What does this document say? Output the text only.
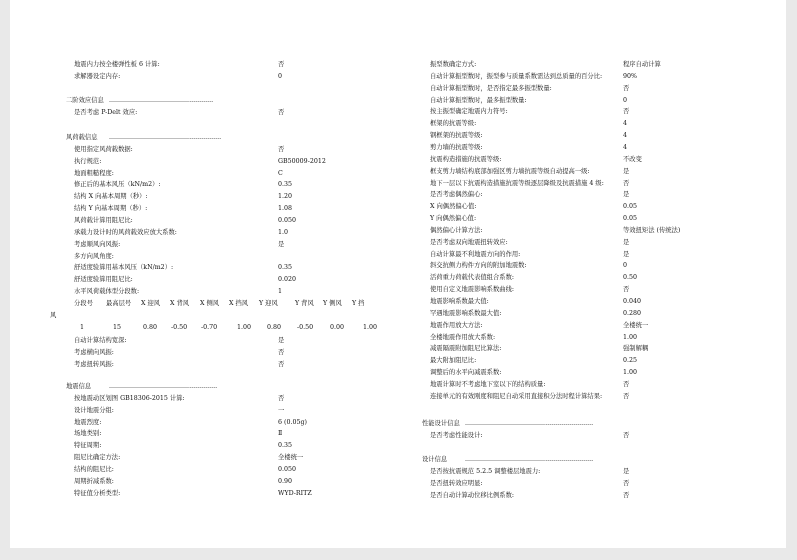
地震内力按全楼弹性板 6 计算:	否
求解器设定内存:	0
二阶效应信息 ....................................................
是否考虑 P-Delt 效应:	否
风荷载信息 ........................................................
使用指定风荷载数据:	否
执行规范:	GB50009-2012
地面粗糙程度:	C
修正后的基本风压（kN/m2）:	0.35
结构 X 向基本周期（秒）:	1.20
结构 Y 向基本周期（秒）:	1.08
风荷载计算用阻尼比:	0.050
承载力设计时的风荷载效应放大系数:	1.0
考虑顺风向风振:	是
多方向风角度:
舒适度验算用基本风压（kN/m2）:	0.35
舒适度验算用阻尼比:	0.020
水平风荷载体型分段数:	1
分段号 最高层号 X 迎风 X 背风 X 侧风 X 挡风 Y 迎风	Y 背风 Y 侧风 Y 挡
风
1	15	0.80 -0.50 -0.70	1.00	0.80	-0.50	0.00	1.00
自动计算结构宽深:	是
考虑横向风振:	否
考虑扭转风振:	否
地震信息	......................................................
按地震动区划图 GB18306-2015 计算:	否
设计地震分组:	一
地震烈度:	6 (0.05g)
场地类别:	Ⅱ
特征周期:	0.35
阻尼比确定方法:	全楼统一
结构的阻尼比:	0.050
周期折减系数:	0.90
特征值分析类型:	WYD-RITZ
振型数确定方式:	程序自动计算
自动计算振型数时，振型参与质量系数需达到总质量的百分比:	90%
自动计算振型数时，是否指定最多振型数量:	否
自动计算振型数时，最多振型数量:	0
按主振型确定地震内力符号:	否
框架的抗震等级:	4
钢框架的抗震等级:	4
剪力墙的抗震等级:	4
抗震构造措施的抗震等级:	不改变
框支剪力墙结构底部加强区剪力墙抗震等级自动提高一级:	是
地下一层以下抗震构造措施抗震等级逐层降级及抗震措施 4 级:	否
是否考虑偶然偏心:	是
X 向偶然偏心值:	0.05
Y 向偶然偏心值:	0.05
偶然偏心计算方法:	等效扭矩法 (传统法)
是否考虑双向地震扭转效应:	是
自动计算最不利地震方向的作用:	是
斜交抗侧力构件方向的附加地震数:	0
活荷重力荷载代表值组合系数:	0.50
使用自定义地震影响系数曲线:	否
地震影响系数最大值:	0.040
罕遇地震影响系数最大值:	0.280
地震作用放大方法:	全楼统一
全楼地震作用放大系数:	1.00
减震隔震附加阻尼比算法:	强制解耦
最大附加阻尼比:	0.25
调整后的水平向减震系数:	1.00
地震计算时不考虑地下室以下的结构质量:	否
连接单元的有效刚度和阻尼自动采用直接积分法时程计算结果:	否
性能设计信息 ................................................................
是否考虑性能设计:	否
设计信息	................................................................
是否按抗震规范 5.2.5 调整楼层地震力:	是
是否扭转效应明显:	否
是否自动计算动位移比例系数:	否
